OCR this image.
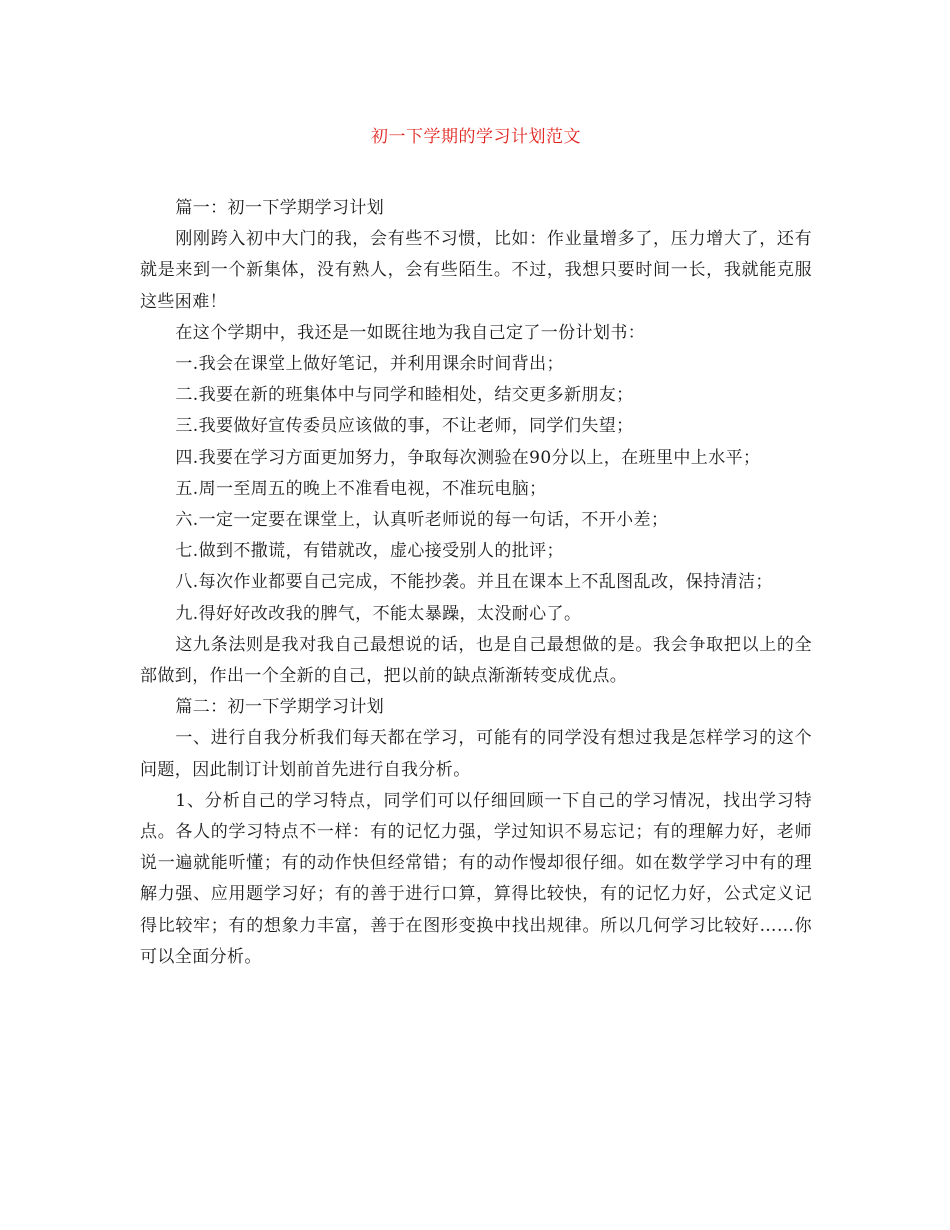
初一下学期的学习计划范文

篇一：初一下学期学习计划

刚刚跨入初中大门的我，会有些不习惯，比如：作业量增多了，压力增大了，还有就是来到一个新集体，没有熟人，会有些陌生。不过，我想只要时间一长，我就能克服这些困难！

在这个学期中，我还是一如既往地为我自己定了一份计划书：

一.我会在课堂上做好笔记，并利用课余时间背出；

二.我要在新的班集体中与同学和睦相处，结交更多新朋友；

三.我要做好宣传委员应该做的事，不让老师，同学们失望；

四.我要在学习方面更加努力，争取每次测验在90分以上，在班里中上水平；

五.周一至周五的晚上不准看电视，不准玩电脑；

六.一定一定要在课堂上，认真听老师说的每一句话，不开小差；

七.做到不撒谎，有错就改，虚心接受别人的批评；

八.每次作业都要自己完成，不能抄袭。并且在课本上不乱图乱改，保持清洁；

九.得好好改改我的脾气，不能太暴躁，太没耐心了。

这九条法则是我对我自己最想说的话，也是自己最想做的是。我会争取把以上的全部做到，作出一个全新的自己，把以前的缺点渐渐转变成优点。

篇二：初一下学期学习计划

一、进行自我分析我们每天都在学习，可能有的同学没有想过我是怎样学习的这个问题，因此制订计划前首先进行自我分析。

1、分析自己的学习特点，同学们可以仔细回顾一下自己的学习情况，找出学习特点。各人的学习特点不一样：有的记忆力强，学过知识不易忘记；有的理解力好，老师说一遍就能听懂；有的动作快但经常错；有的动作慢却很仔细。如在数学学习中有的理解力强、应用题学习好；有的善于进行口算，算得比较快，有的记忆力好，公式定义记得比较牢；有的想象力丰富，善于在图形变换中找出规律。所以几何学习比较好……你可以全面分析。
